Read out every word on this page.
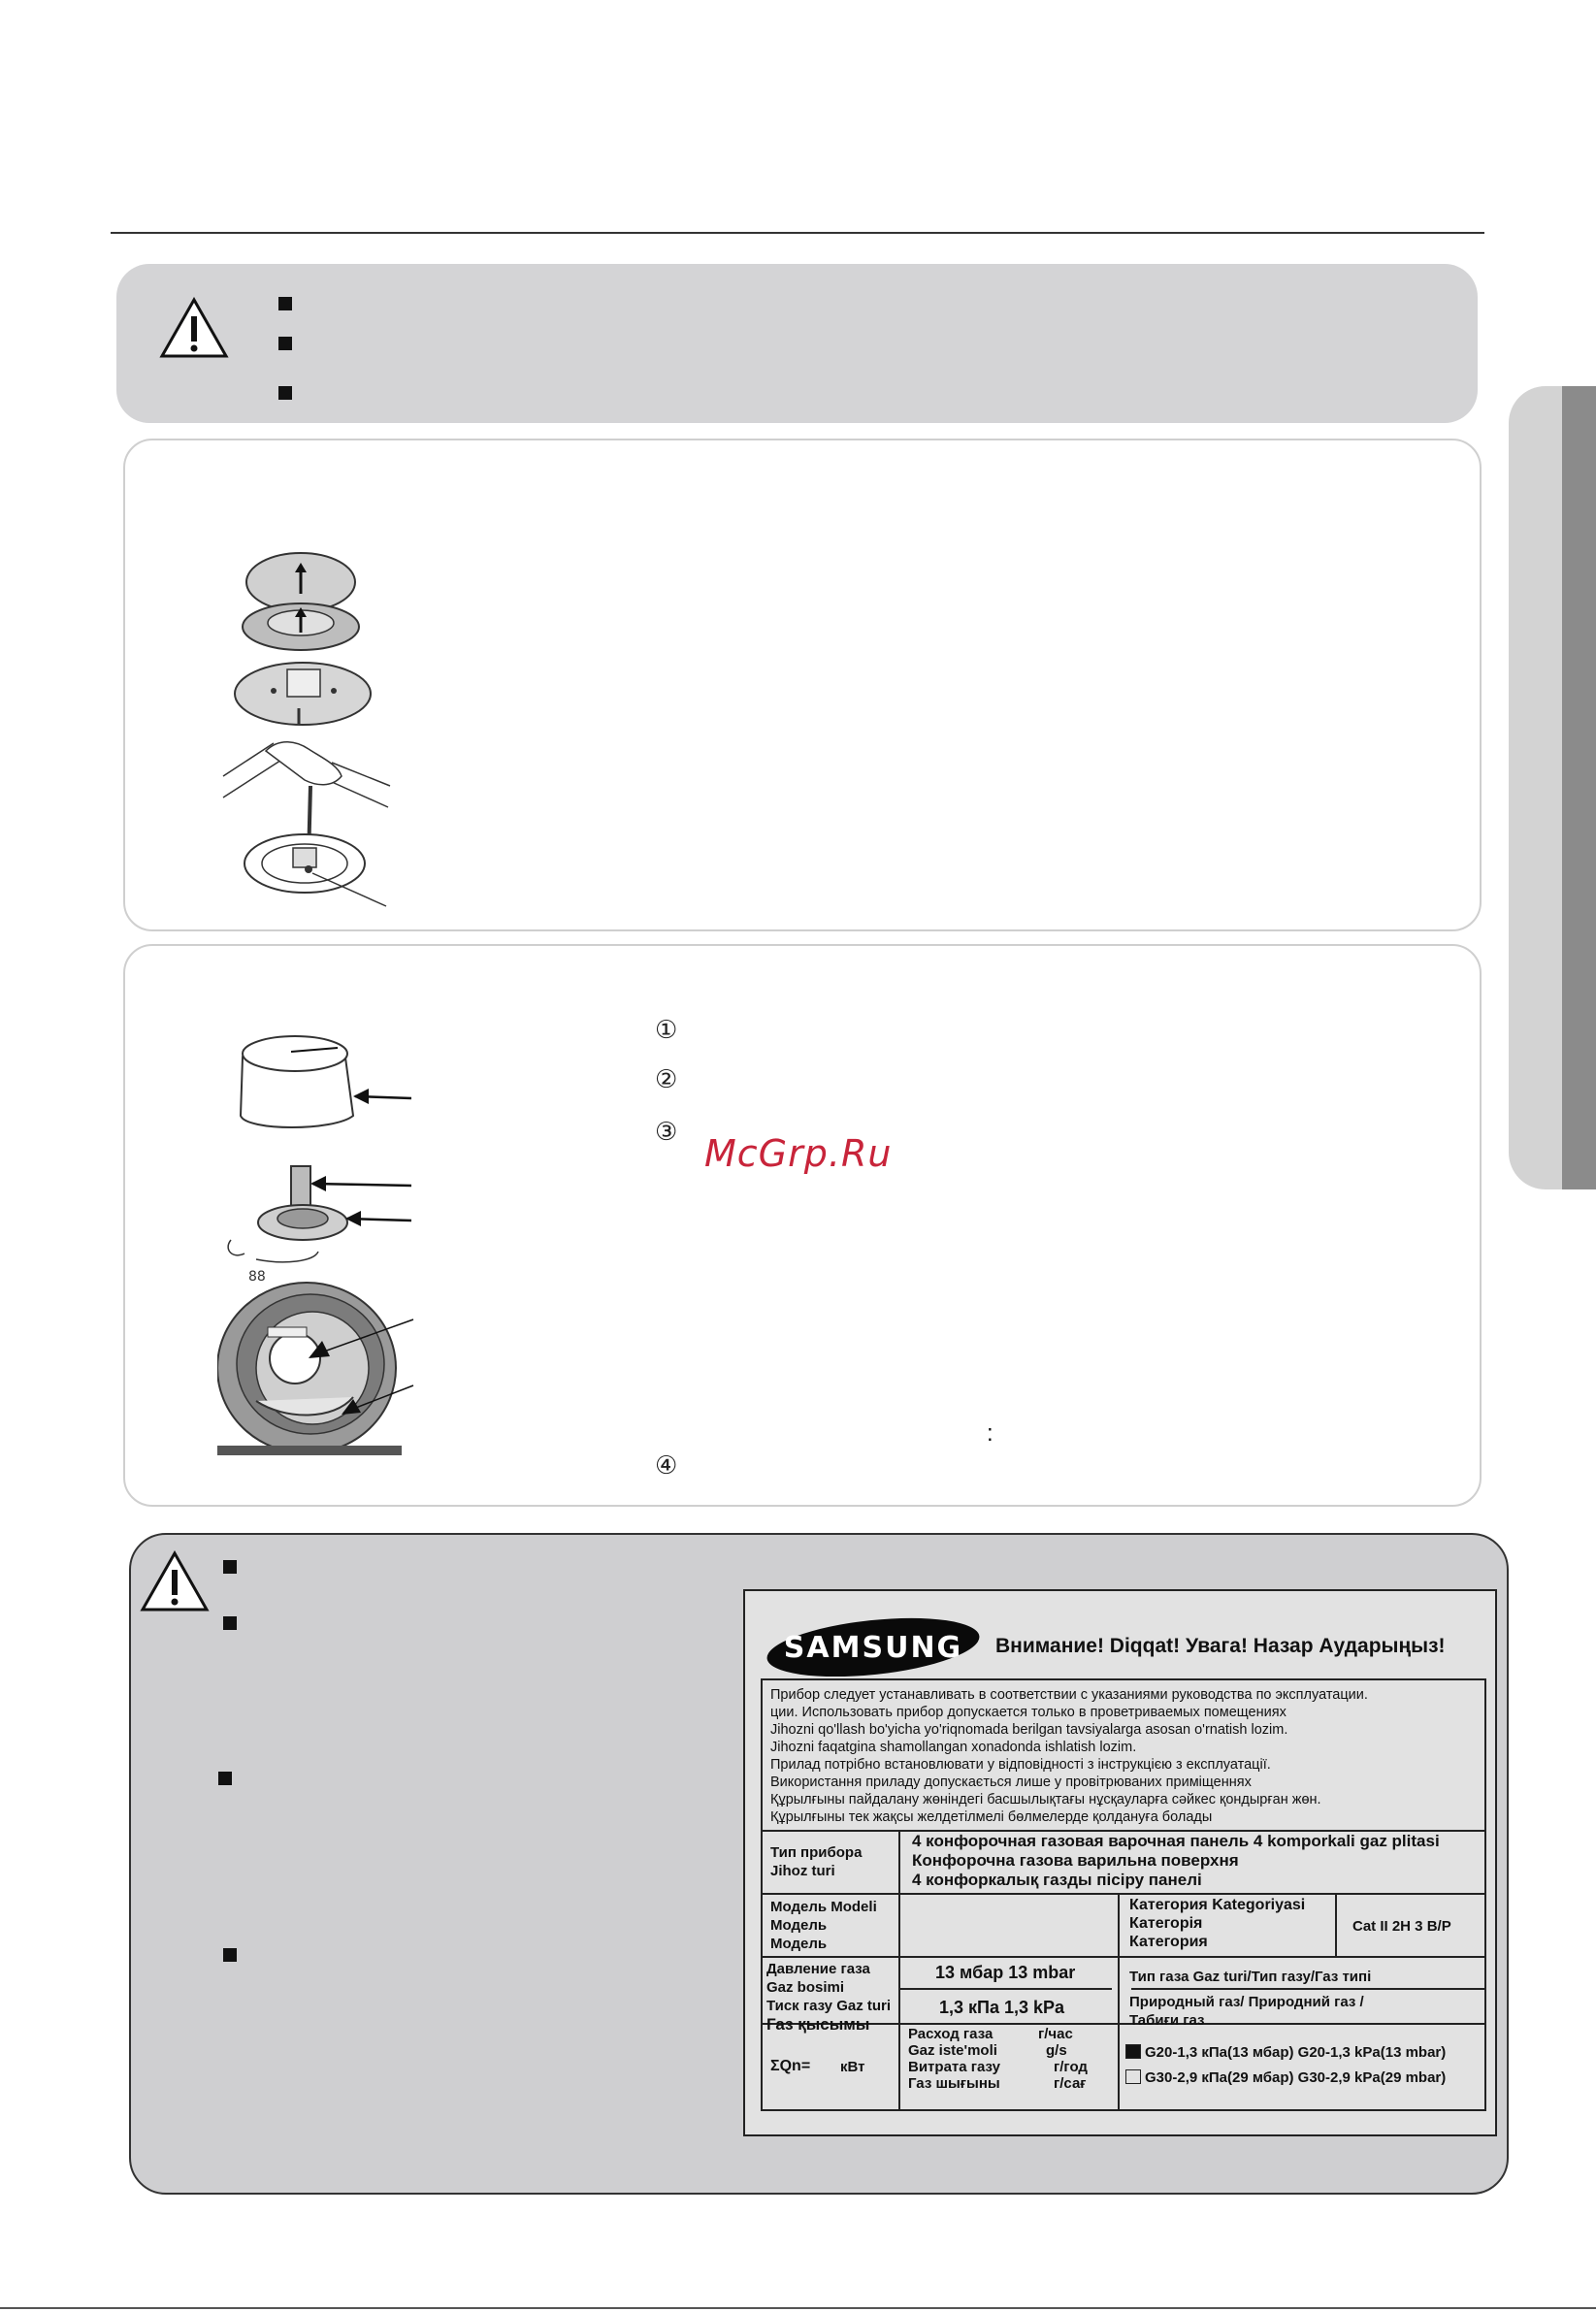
88
①
②
③
④
McGrp.Ru
:
SAMSUNG Внимание! Diqqat! Увага! Назар Аударыңыз!
Прибор следует устанавливать в соответствии с указаниями руководства по эксплуатации.
ции. Использовать прибор допускается только в проветриваемых помещениях
Jihozni qo'llash bo'yicha yo'riqnomada berilgan tavsiyalarga asosan o'rnatish lozim.
Jihozni faqatgina shamollangan xonadonda ishlatish lozim.
Прилад потрібно встановлювати у відповідності з інструкцією з експлуатації.
Використання приладу допускається лише у провітрюваних приміщеннях
Құрылғыны пайдалану жөніндегі басшылықтағы нұсқауларға сәйкес қондырған жөн.
Құрылғыны тек жақсы желдетілмелі бөлмелерде қолдануға болады
Тип прибора
Jihoz turi
4 конфорочная газовая варочная панель 4 komporkali gaz plitasi
Конфорочна газова варильна поверхня
4 конфоркалық газды пісіру панелі
Модель Modeli
Модель
Модель
Категория Kategoriyasi
Категорія
Категория
Cat II 2H 3 B/P
Давление газа
Gaz bosimi
Тиск газу Gaz turi
Газ қысымы
13 мбар 13 mbar
1,3 кПа 1,3 kPa
Тип газа Gaz turi/Тип газу/Газ типі
Природный газ/ Природний газ /
Табиғи газ
ΣQn= кВт
Расход газа
Gaz iste'moli
Витрата газу
Газ шығыны
г/час
g/s
г/год
г/сағ
G20-1,3 кПа(13 мбар) G20-1,3 kPa(13 mbar)
G30-2,9 кПа(29 мбар) G30-2,9 kPa(29 mbar)
